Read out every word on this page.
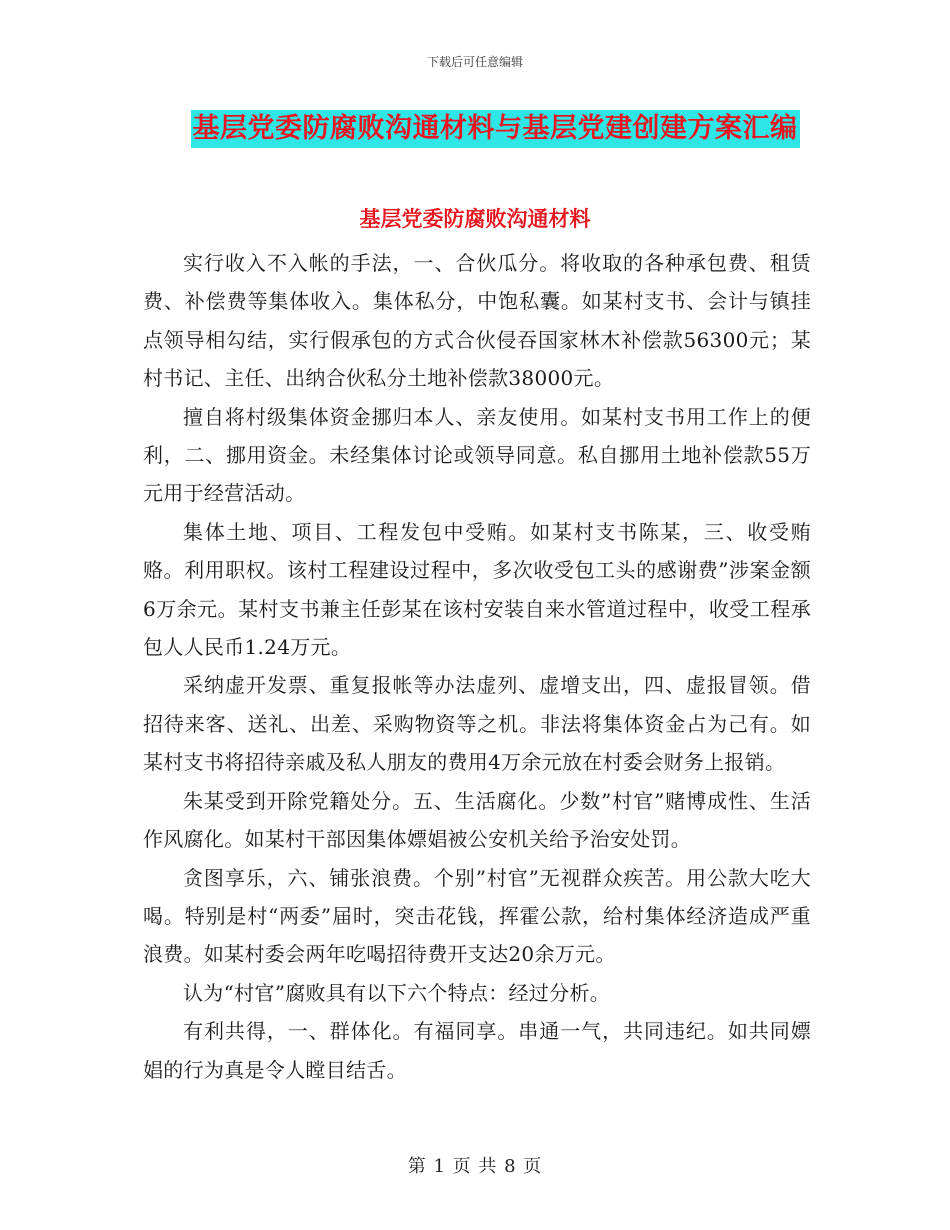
下载后可任意编辑
基层党委防腐败沟通材料与基层党建创建方案汇编
基层党委防腐败沟通材料

实行收入不入帐的手法，一、合伙瓜分。将收取的各种承包费、租赁费、补偿费等集体收入。集体私分，中饱私囊。如某村支书、会计与镇挂点领导相勾结，实行假承包的方式合伙侵吞国家林木补偿款56300元；某村书记、主任、出纳合伙私分土地补偿款38000元。

擅自将村级集体资金挪归本人、亲友使用。如某村支书用工作上的便利，二、挪用资金。未经集体讨论或领导同意。私自挪用土地补偿款55万元用于经营活动。

集体土地、项目、工程发包中受贿。如某村支书陈某，三、收受贿赂。利用职权。该村工程建设过程中，多次收受包工头的感谢费”涉案金额6万余元。某村支书兼主任彭某在该村安装自来水管道过程中，收受工程承包人人民币1.24万元。

采纳虚开发票、重复报帐等办法虚列、虚增支出，四、虚报冒领。借招待来客、送礼、出差、采购物资等之机。非法将集体资金占为己有。如某村支书将招待亲戚及私人朋友的费用4万余元放在村委会财务上报销。

朱某受到开除党籍处分。五、生活腐化。少数”村官”赌博成性、生活作风腐化。如某村干部因集体嫖娼被公安机关给予治安处罚。

贪图享乐，六、铺张浪费。个别”村官”无视群众疾苦。用公款大吃大喝。特别是村“两委”届时，突击花钱，挥霍公款，给村集体经济造成严重浪费。如某村委会两年吃喝招待费开支达20余万元。

认为“村官”腐败具有以下六个特点：经过分析。

有利共得，一、群体化。有福同享。串通一气，共同违纪。如共同嫖娼的行为真是令人瞠目结舌。

第 1 页 共 8 页
